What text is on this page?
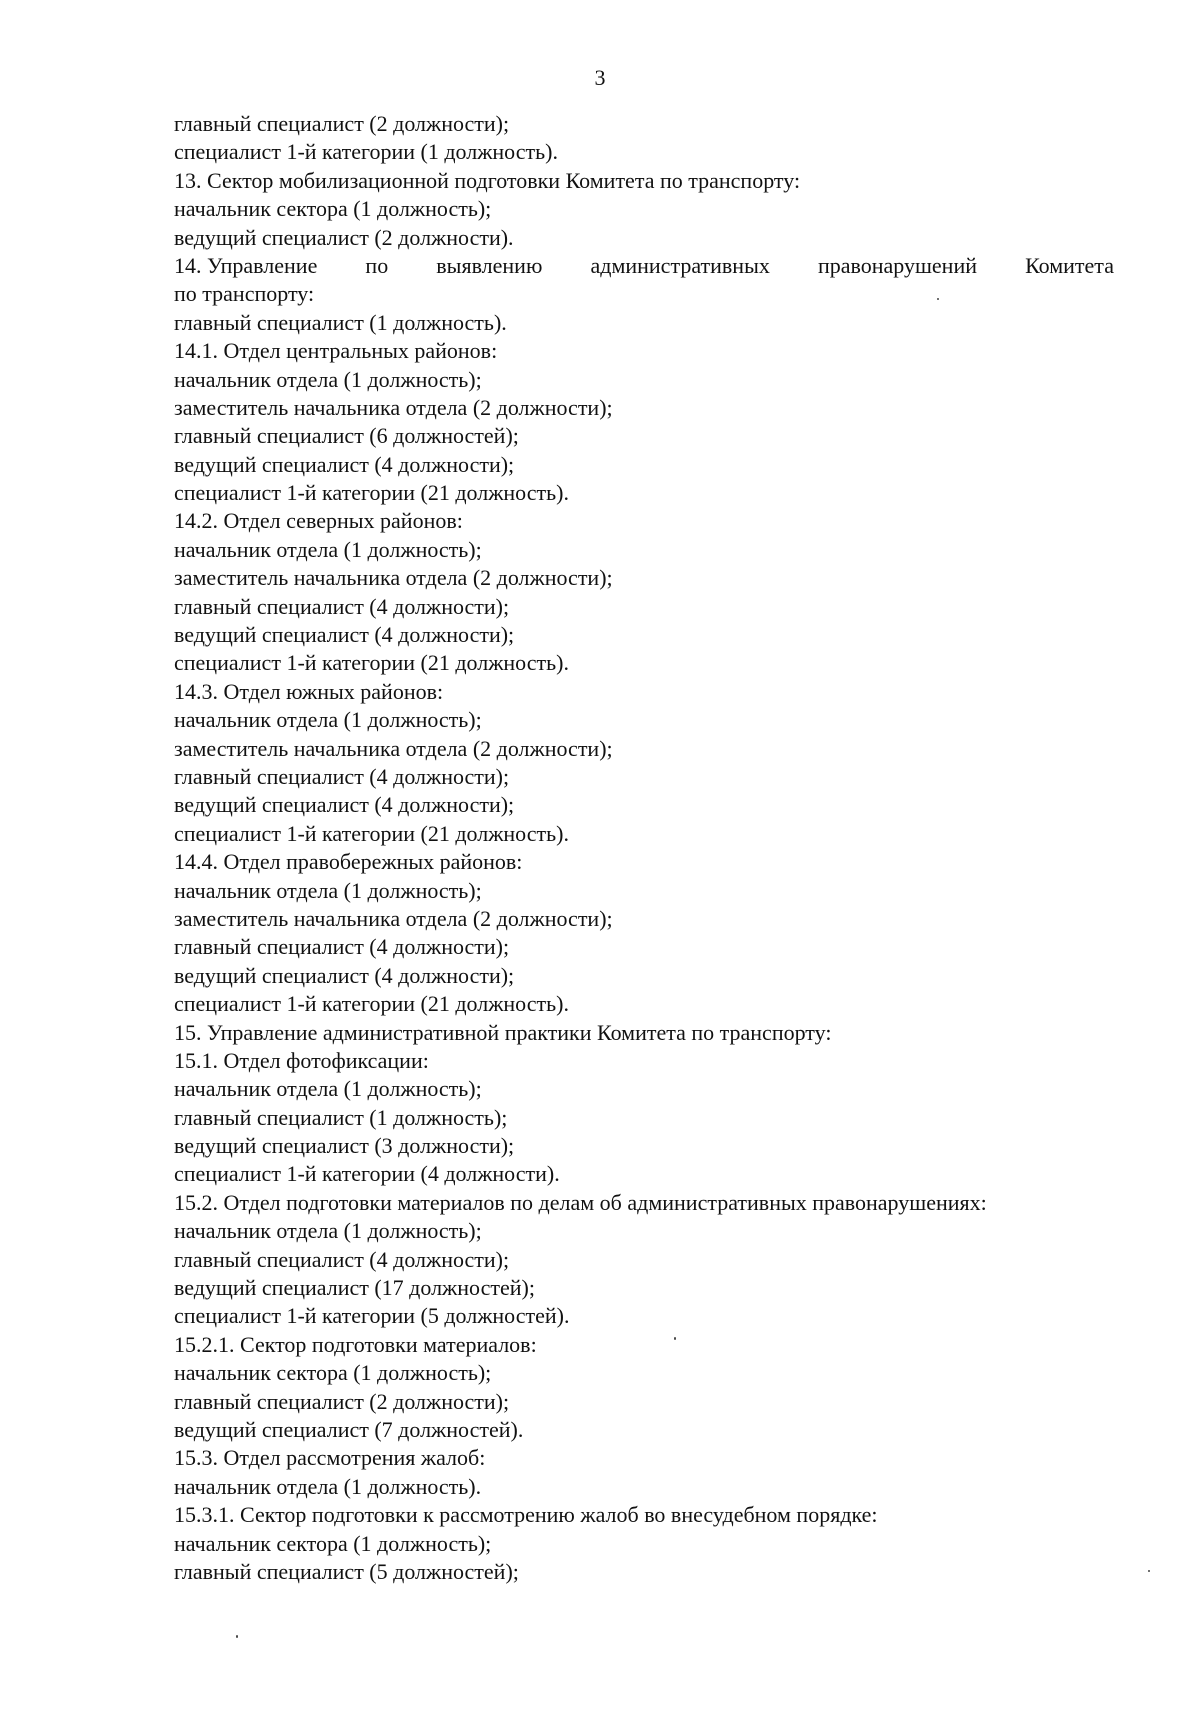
3
главный специалист (2 должности);
специалист 1-й категории (1 должность).
13. Сектор мобилизационной подготовки Комитета по транспорту:
начальник сектора (1 должность);
ведущий специалист (2 должности).
14. Управление по выявлению административных правонарушений Комитета
по транспорту:
главный специалист (1 должность).
14.1. Отдел центральных районов:
начальник отдела (1 должность);
заместитель начальника отдела (2 должности);
главный специалист (6 должностей);
ведущий специалист (4 должности);
специалист 1-й категории (21 должность).
14.2. Отдел северных районов:
начальник отдела (1 должность);
заместитель начальника отдела (2 должности);
главный специалист (4 должности);
ведущий специалист (4 должности);
специалист 1-й категории (21 должность).
14.3. Отдел южных районов:
начальник отдела (1 должность);
заместитель начальника отдела (2 должности);
главный специалист (4 должности);
ведущий специалист (4 должности);
специалист 1-й категории (21 должность).
14.4. Отдел правобережных районов:
начальник отдела (1 должность);
заместитель начальника отдела (2 должности);
главный специалист (4 должности);
ведущий специалист (4 должности);
специалист 1-й категории (21 должность).
15. Управление административной практики Комитета по транспорту:
15.1. Отдел фотофиксации:
начальник отдела (1 должность);
главный специалист (1 должность);
ведущий специалист (3 должности);
специалист 1-й категории (4 должности).
15.2. Отдел подготовки материалов по делам об административных правонарушениях:
начальник отдела (1 должность);
главный специалист (4 должности);
ведущий специалист (17 должностей);
специалист 1-й категории (5 должностей).
15.2.1. Сектор подготовки материалов:
начальник сектора (1 должность);
главный специалист (2 должности);
ведущий специалист (7 должностей).
15.3. Отдел рассмотрения жалоб:
начальник отдела (1 должность).
15.3.1. Сектор подготовки к рассмотрению жалоб во внесудебном порядке:
начальник сектора (1 должность);
главный специалист (5 должностей);
